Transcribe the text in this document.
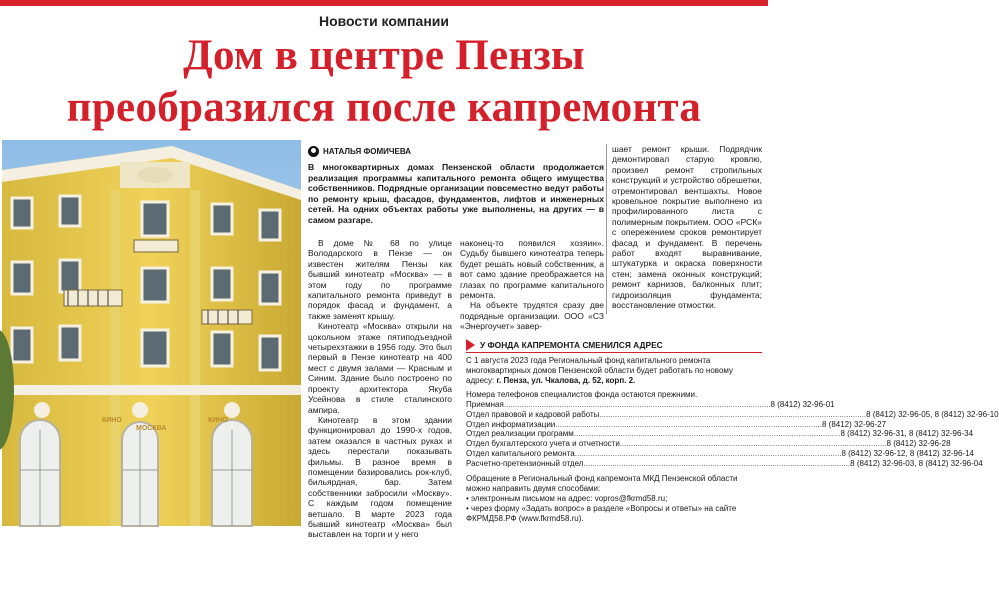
Новости компании
Дом в центре Пензы
преобразился после капремонта
КИНО
МОСКВА
КИНО
Фото В. Пискунова
НАТАЛЬЯ ФОМИЧЕВА
В многоквартирных домах Пензенской области продолжается реализация программы капитального ремонта общего имущества собственников. Подрядные организации повсеместно ведут работы по ремонту крыш, фасадов, фундаментов, лифтов и инженерных сетей. На одних объектах работы уже выполнены, на других — в самом разгаре.

В доме № 68 по улице Володарского в Пензе — он известен жителям Пензы как бывший кинотеатр «Москва» — в этом году по программе капитального ремонта приведут в порядок фасад и фундамент, а также заменят крышу.

Кинотеатр «Москва» открыли на цокольном этаже пятиподъездной четырехэтажки в 1956 году. Это был первый в Пензе кинотеатр на 400 мест с двумя залами — Красным и Синим. Здание было построено по проекту архитектора Якуба Усейнова в стиле сталинского ампира.

Кинотеатр в этом здании функционировал до 1990-х годов, затем оказался в частных руках и здесь перестали показывать фильмы. В разное время в помещении базировались рок-клуб, бильярдная, бар. Затем собственники забросили «Москву». С каждым годом помещение ветшало. В марте 2023 года бывший кинотеатр «Москва» был выставлен на торги и у него

наконец-то появился хозяин». Судьбу бывшего кинотеатра теперь будет решать новый собственник, а вот само здание преображается на глазах по программе капитального ремонта.

На объекте трудятся сразу две подрядные организации. ООО «СЗ «Энергоучет» завер-

шает ремонт крыши. Подрядчик демонтировал старую кровлю, произвел ремонт стропильных конструкций и устройство обрешетки, отремонтировал вентшахты. Новое кровельное покрытие выполнено из профилированного листа с полимерным покрытием. ООО «РСК» с опережением сроков ремонтирует фасад и фундамент. В перечень работ входят выравнивание, штукатурка и окраска поверхности стен; замена оконных конструкций; ремонт карнизов, балконных плит; гидроизоляция фундамента; восстановление отмостки.

У ФОНДА КАПРЕМОНТА СМЕНИЛСЯ АДРЕС
С 1 августа 2023 года Региональный фонд капитального ремонта многоквартирных домов Пензенской области будет работать по новому адресу: г. Пенза, ул. Чкалова, д. 52, корп. 2.
Номера телефонов специалистов фонда остаются прежними.
Приемная .....	8 (8412) 32-96-01
Отдел правовой и кадровой работы .....	8 (8412) 32-96-05, 8 (8412) 32-96-10
Отдел информатизации .....	8 (8412) 32-96-27
Отдел реализации программ .....	8 (8412) 32-96-31, 8 (8412) 32-96-34
Отдел бухгалтерского учета и отчетности .....	8 (8412) 32-96-28
Отдел капитального ремонта .....	8 (8412) 32-96-12, 8 (8412) 32-96-14
Расчетно-претензионный отдел .....	8 (8412) 32-96-03, 8 (8412) 32-96-04
Обращение в Региональный фонд капремонта МКД Пензенской области можно направить двумя способами:
• электронным письмом на адрес: vopros@fkrmd58.ru;
• через форму «Задать вопрос» в разделе «Вопросы и ответы» на сайте ФКРМД58.РФ (www.fkrmd58.ru).
